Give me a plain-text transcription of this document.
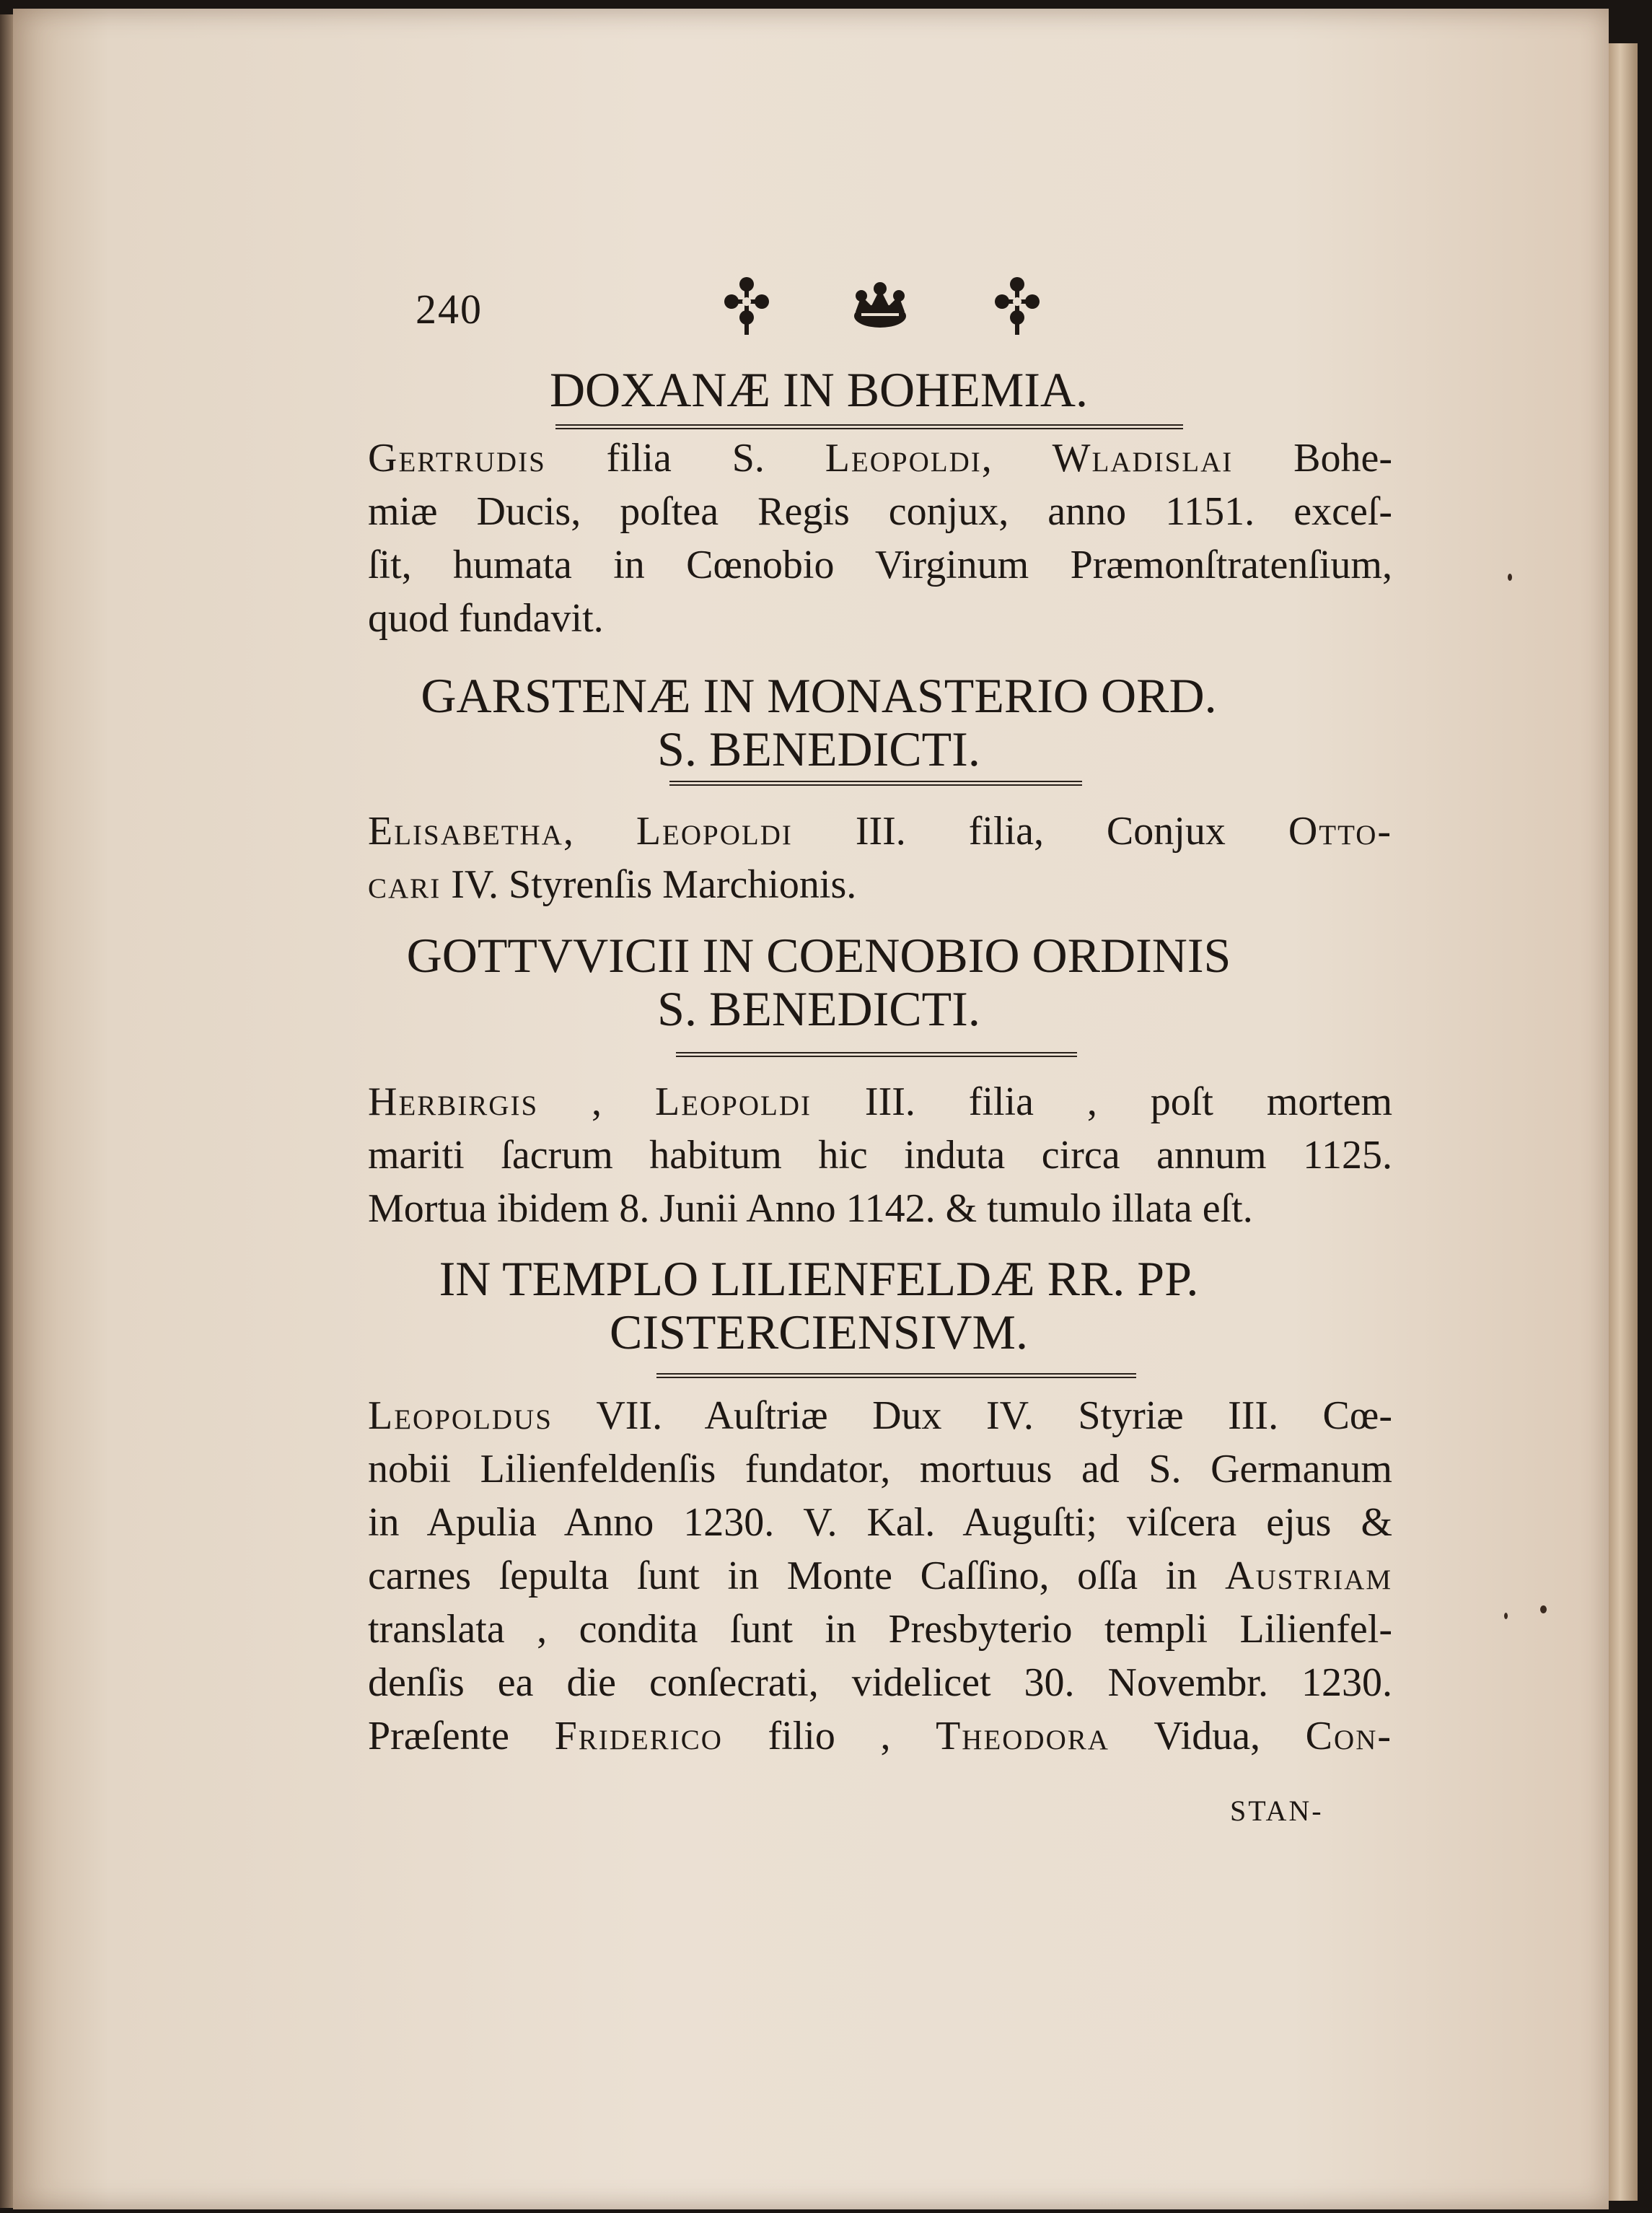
240
DOXANÆ IN BOHEMIA.
Gertrudis filia S. Leopoldi, Wladislai Bohe-
miæ Ducis, poſtea Regis conjux, anno 1151. exceſ-
ſit, humata in Cœnobio Virginum Præmonſtratenſium,
quod fundavit.
GARSTENÆ IN MONASTERIO ORD.
S. BENEDICTI.
Elisabetha, Leopoldi III. filia, Conjux Otto-
cari IV. Styrenſis Marchionis.
GOTTVVICII IN COENOBIO ORDINIS
S. BENEDICTI.
Herbirgis , Leopoldi III. filia , poſt mortem
mariti ſacrum habitum hic induta circa annum 1125.
Mortua ibidem 8. Junii Anno 1142. & tumulo illata eſt.
IN TEMPLO LILIENFELDÆ RR. PP.
CISTERCIENSIVM.
Leopoldus VII. Auſtriæ Dux IV. Styriæ III. Cœ-
nobii Lilienfeldenſis fundator, mortuus ad S. Germanum
in Apulia Anno 1230. V. Kal. Auguſti; viſcera ejus &
carnes ſepulta ſunt in Monte Caſſino, oſſa in Austriam
translata , condita ſunt in Presbyterio templi Lilienfel-
denſis ea die conſecrati, videlicet 30. Novembr. 1230.
Præſente Friderico filio , Theodora Vidua, Con-
STAN-
